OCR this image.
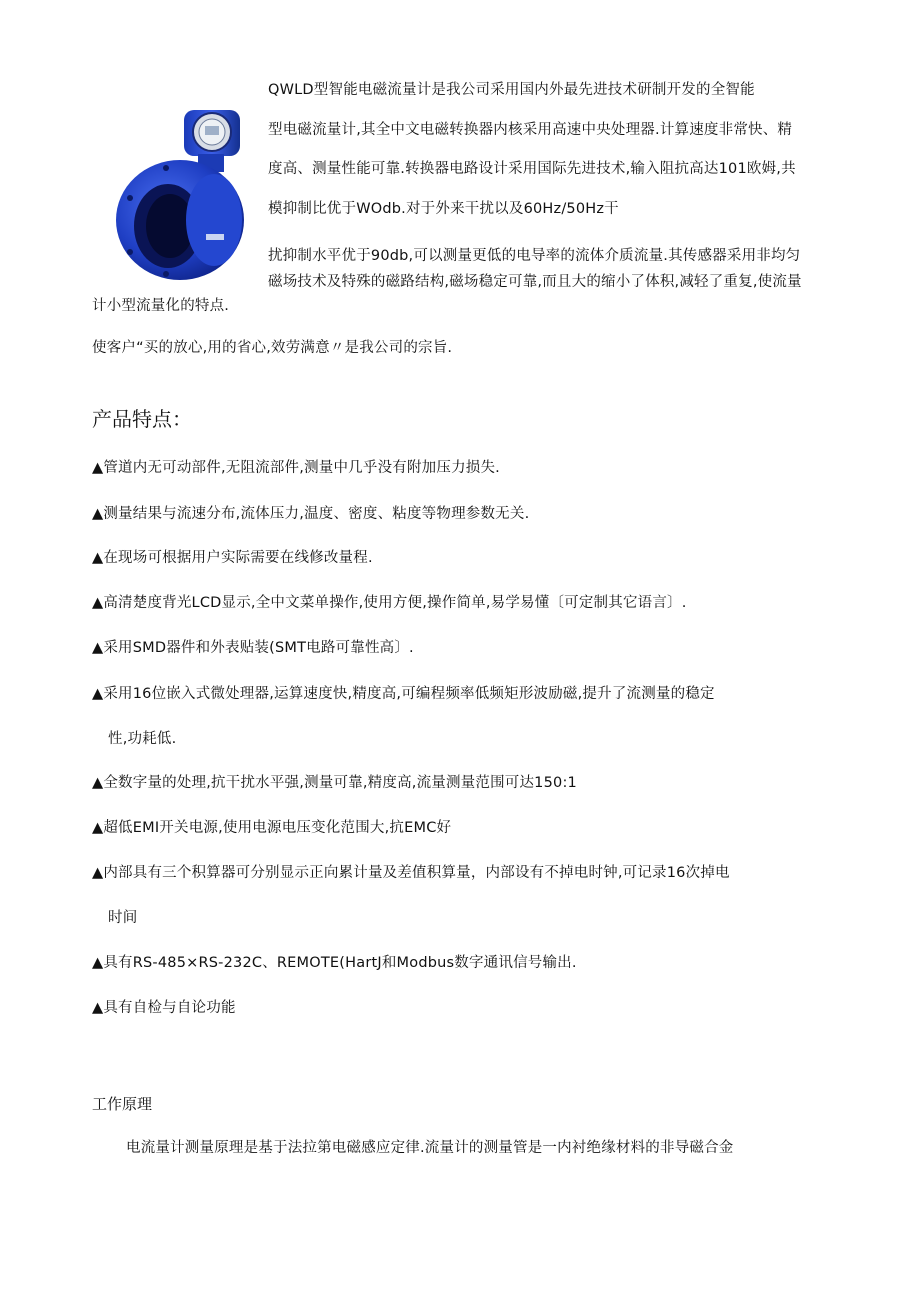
QWLD型智能电磁流量计是我公司采用国内外最先进技术研制开发的全智能
型电磁流量计,其全中文电磁转换器内核采用高速中央处理器.计算速度非常快、精
度高、测量性能可靠.转换器电路设计采用国际先进技术,输入阻抗高达101欧姆,共
模抑制比优于WOdb.对于外来干扰以及60Hz/50Hz干
扰抑制水平优于90db,可以测量更低的电导率的流体介质流量.其传感器采用非均匀
磁场技术及特殊的磁路结构,磁场稳定可靠,而且大的缩小了体积,减轻了重复,使流量
计小型流量化的特点.
使客户“买的放心,用的省心,效劳满意〃是我公司的宗旨.
产品特点：
▲管道内无可动部件,无阻流部件,测量中几乎没有附加压力损失.
▲测量结果与流速分布,流体压力,温度、密度、粘度等物理参数无关.
▲在现场可根据用户实际需要在线修改量程.
▲高清楚度背光LCD显示,全中文菜单操作,使用方便,操作简单,易学易懂〔可定制其它语言〕.
▲采用SMD器件和外表贴装(SMT电路可靠性高〕.
▲采用16位嵌入式微处理器,运算速度快,精度高,可编程频率低频矩形波励磁,提升了流测量的稳定
性,功耗低.
▲全数字量的处理,抗干扰水平强,测量可靠,精度高,流量测量范围可达150:1
▲超低EMI开关电源,使用电源电压变化范围大,抗EMC好
▲内部具有三个积算器可分别显示正向累计量及差值积算量，内部设有不掉电时钟,可记录16次掉电
时间
▲具有RS-485×RS-232C、REMOTE(HartJ和Modbus数字通讯信号输出.
▲具有自检与自论功能
工作原理
电流量计测量原理是基于法拉第电磁感应定律.流量计的测量管是一内衬绝缘材料的非导磁合金
